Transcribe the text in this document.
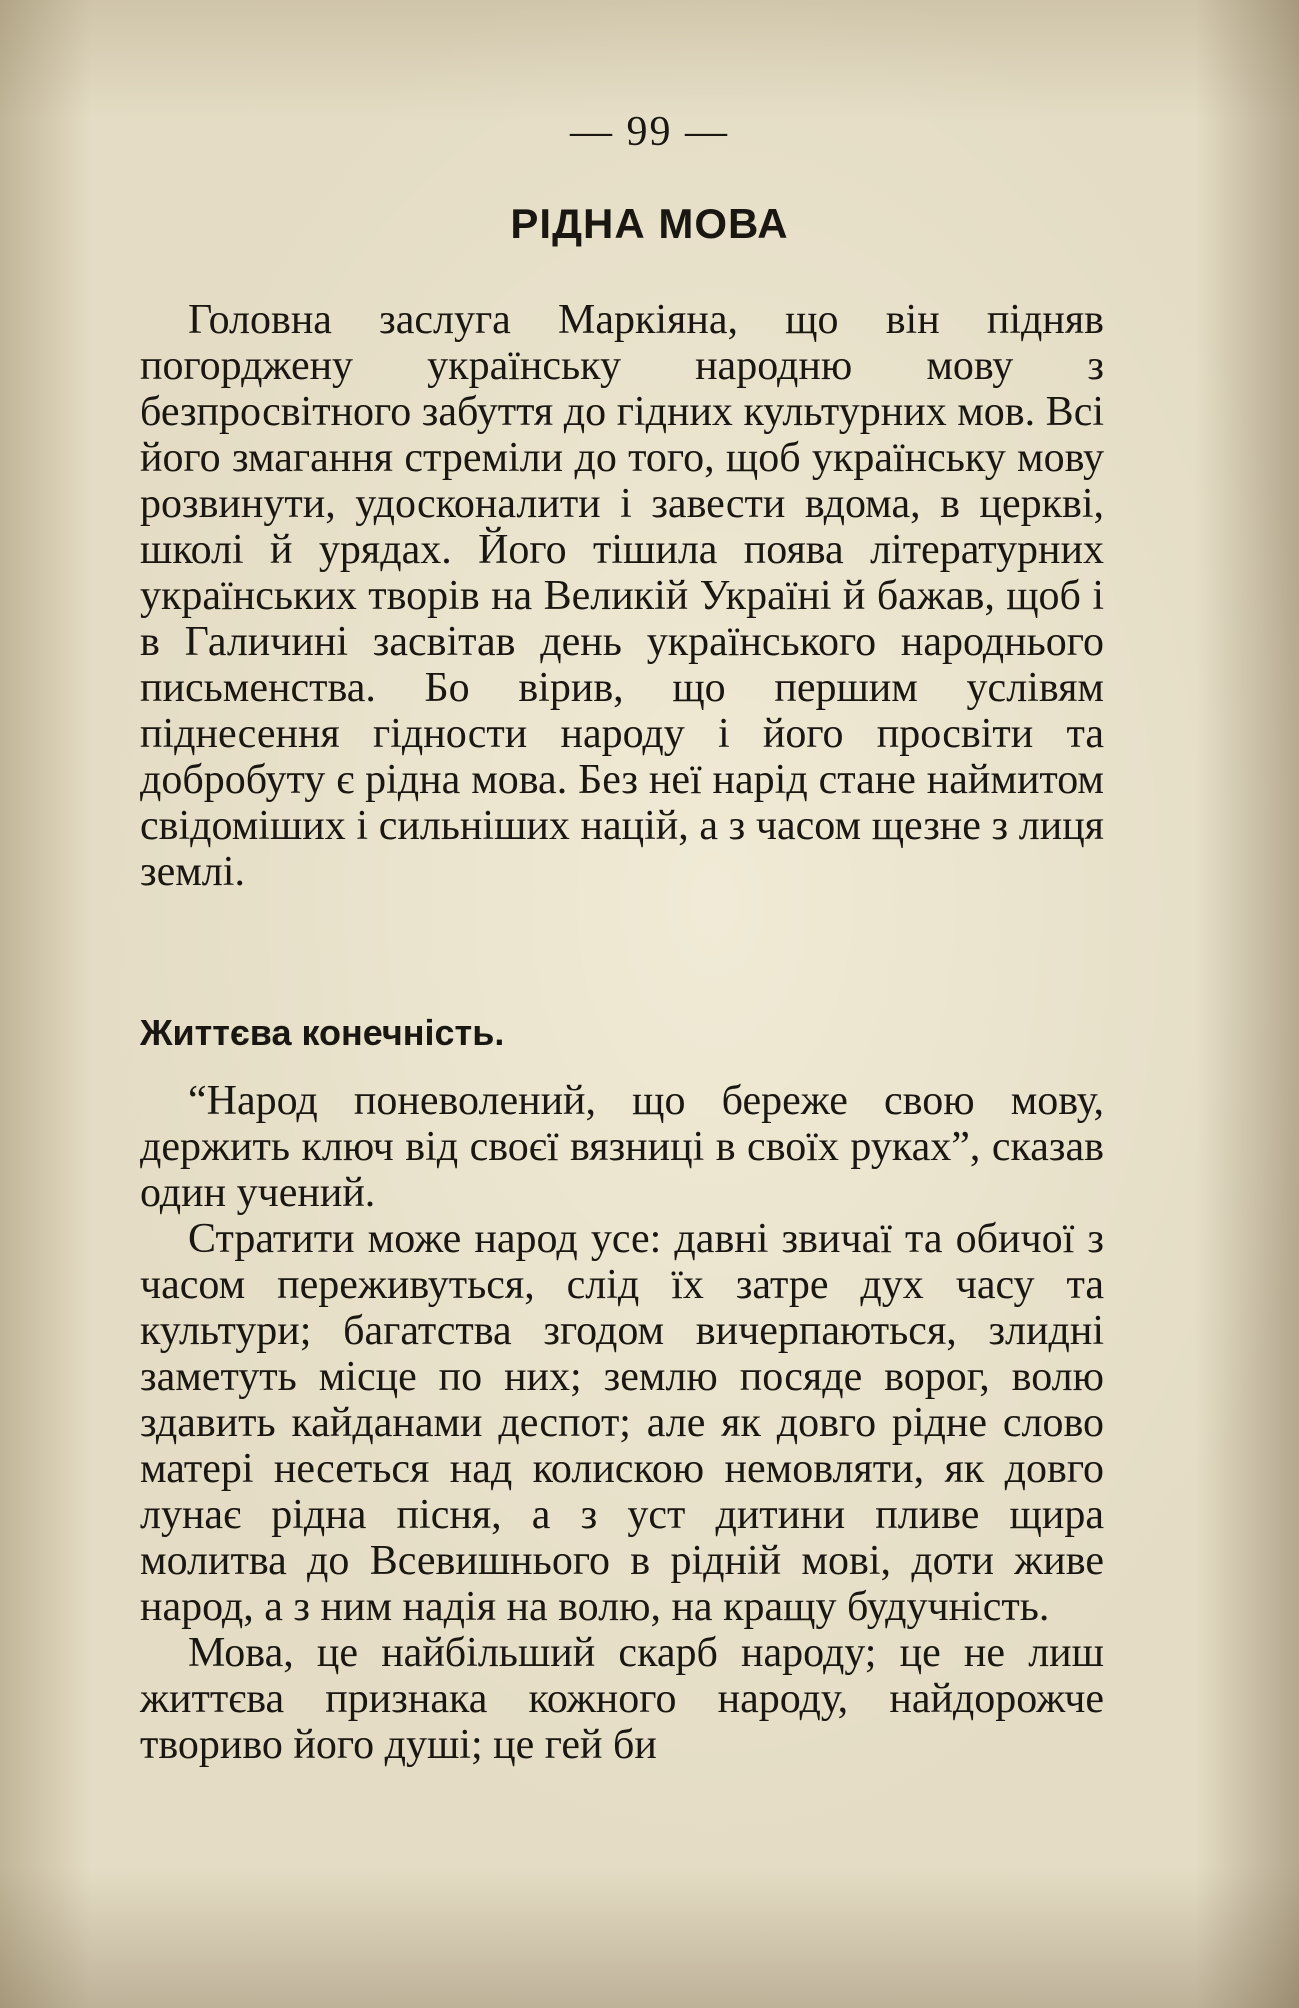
— 99 —
РІДНА МОВА

Головна заслуга Маркіяна, що він підняв погорджену українську народню мову з безпросвітного забуття до гідних культурних мов. Всі його змагання стреміли до того, щоб українську мову розвинути, удосконалити і завести вдома, в церкві, школі й урядах. Його тішила поява літературних українських творів на Великій Україні й бажав, щоб і в Галичині засвітав день українського народнього письменства. Бо вірив, що першим услівям піднесення гідности народу і його просвіти та добробуту є рідна мова. Без неї нарід стане наймитом свідоміших і сильніших націй, а з часом щезне з лиця землі.

Життєва конечність.

“Народ поневолений, що береже свою мову, держить ключ від своєї вязниці в своїх руках”, сказав один учений.

Стратити може народ усе: давні звичаї та обичої з часом переживуться, слід їх затре дух часу та культури; багатства згодом вичерпаються, злидні заметуть місце по них; землю посяде ворог, волю здавить кайданами деспот; але як довго рідне слово матері несеться над колискою немовляти, як довго лунає рідна пісня, а з уст дитини пливе щира молитва до Всевишнього в рідній мові, доти живе народ, а з ним надія на волю, на кращу будучність.

Мова, це найбільший скарб народу; це не лиш життєва признака кожного народу, найдорожче твориво його душі; це гей би
